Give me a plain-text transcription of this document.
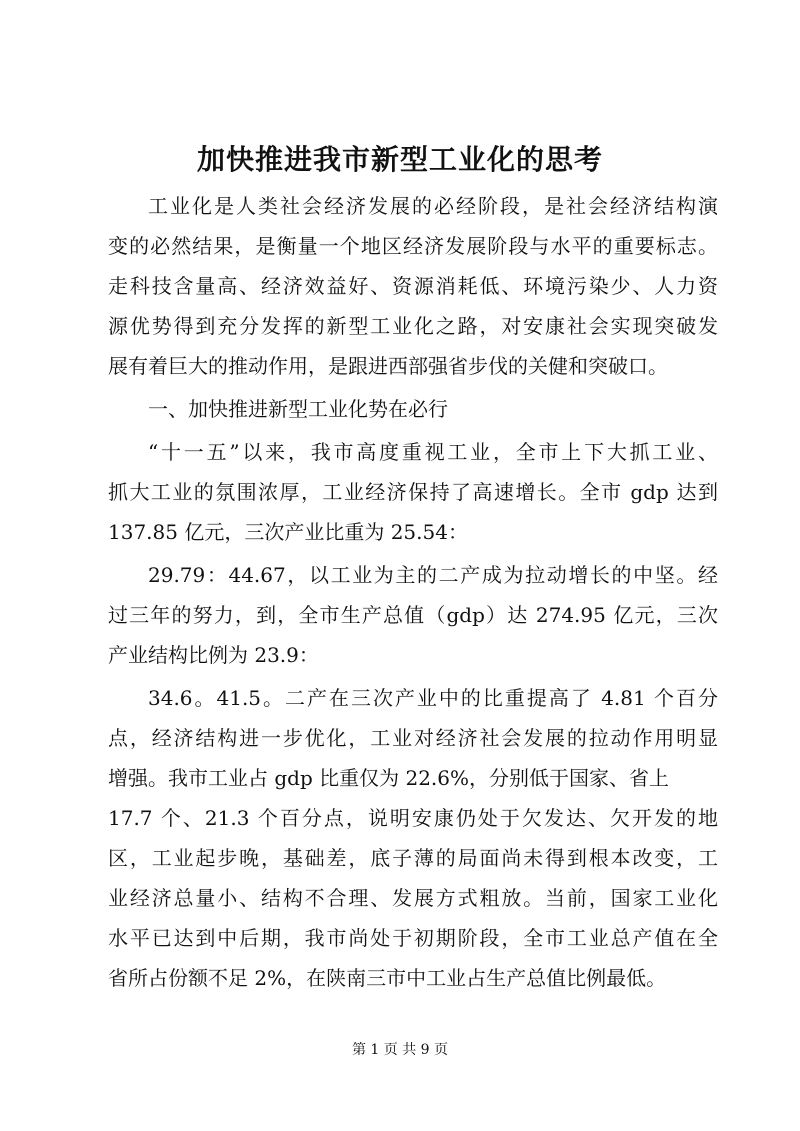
加快推进我市新型工业化的思考
工业化是人类社会经济发展的必经阶段，是社会经济结构演
变的必然结果，是衡量一个地区经济发展阶段与水平的重要标志。
走科技含量高、经济效益好、资源消耗低、环境污染少、人力资
源优势得到充分发挥的新型工业化之路，对安康社会实现突破发
展有着巨大的推动作用，是跟进西部强省步伐的关健和突破口。
一、加快推进新型工业化势在必行
“十一五”以来，我市高度重视工业，全市上下大抓工业、
抓大工业的氛围浓厚，工业经济保持了高速增长。全市 gdp 达到
137.85 亿元，三次产业比重为 25.54：
29.79：44.67，以工业为主的二产成为拉动增长的中坚。经
过三年的努力，到，全市生产总值（gdp）达 274.95 亿元，三次
产业结构比例为 23.9：
34.6。41.5。二产在三次产业中的比重提高了 4.81 个百分
点，经济结构进一步优化，工业对经济社会发展的拉动作用明显
增强。我市工业占 gdp 比重仅为 22.6%，分别低于国家、省上
17.7 个、21.3 个百分点，说明安康仍处于欠发达、欠开发的地
区，工业起步晚，基础差，底子薄的局面尚未得到根本改变，工
业经济总量小、结构不合理、发展方式粗放。当前，国家工业化
水平已达到中后期，我市尚处于初期阶段，全市工业总产值在全
省所占份额不足 2%，在陕南三市中工业占生产总值比例最低。
第 1 页 共 9 页
